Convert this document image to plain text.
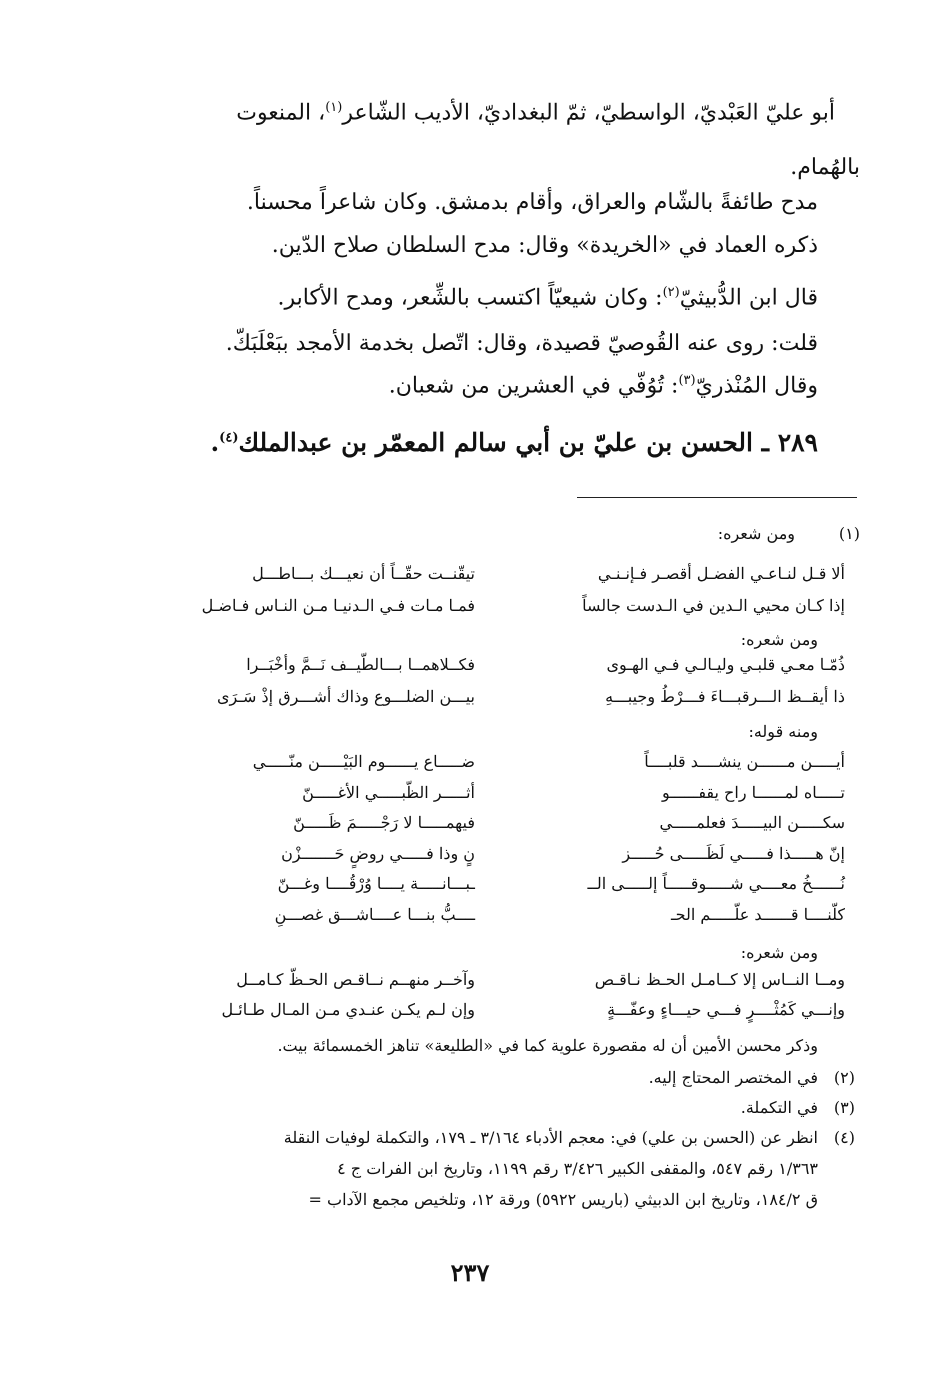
أبو عليّ العَبْديّ، الواسطيّ، ثمّ البغداديّ، الأديب الشّاعر$^{(١)}$، المنعوت
بالهُمام.
مدح طائفةً بالشّام والعراق، وأقام بدمشق. وكان شاعراً محسناً.
ذكره العماد في «الخريدة» وقال: مدح السلطان صلاح الدّين.
قال ابن الدُّبيثيّ$^{(٢)}$: وكان شيعيّاً اكتسب بالشِّعر، ومدح الأكابر.
قلت: روى عنه القُوصيّ قصيدة، وقال: اتّصل بخدمة الأمجد ببَعْلَبَكّ.
وقال المُنْذريّ$^{(٣)}$: تُوُفّي في العشرين من شعبان.
٢٨٩ ـ الحسن بن عليّ بن أبي سالم المعمّر بن عبدالملك$^{(٤)}$.
(١)
ومن شعره:
ألا قـل لنـاعـي الفضـل أقصـر فـإنـنـي
تيقّنــت حقّــاً أن نعيـــك بـــاطـــل
إذا كـان محيي الـدين في الـدست جالساً
فمـا مـات فـي الـدنيـا مـن النـاس فـاضـل
ومن شعره:
ذُمّـا معـي قلبـي وليـالـي فـي الهـوى
فكــلاهمــا بـــالطّيــف نَــمَّ وأخْبَــرا
ذا أيقــظ الـــرقبـــاءَ فـــرْطُ وجيبـــهِ
بيـــن الضلـــوع وذاك أشـــرق إذْ سَـرَى
ومنه قوله:
أيـــــن مــــــن ينشــــد قلبــــاً
ضـــــاع يــــــوم البَيْـــــن منّـــــي
تـــــاه لمــــــا راح يقفــــــو
أثـــــر الظّبـــــي الأغـــــنّ
سكـــــن البيـــــدَ فعلمـــــي
فيهمـــــا لا رَجْـــــمَ ظَـــــنّ
إنّ هـــــذا فـــــي لَظَـــــى حُـــــز
نٍ وذا فـــــي روضٍ حَـــــــزْن
نُــــــخُ معــــي شـــــوقـــــاً إلـــــى الــ
ـبـــانـــــة يــــا وُرْقُــــا وغـــنّ
كلّنــــا قــــــد علّـــــم الحـ
ــــبُّ بنـــا عــــاشـــق غصـــنِ
ومن شعره:
ومــا النــاس إلا كــامـل الحـظ نـاقـص
وآخــر منهــم نــاقـص الحـظّ كـامــل
وإنـــي كَمُثْــــرٍ فـــي حيـــاءٍ وعفّـــةٍ
وإن لـم يكـن عنـدي مـن المـال طـائـل
وذكر محسن الأمين أن له مقصورة علوية كما في «الطليعة» تناهز الخمسمائة بيت.
(٢)
في المختصر المحتاج إليه.
(٣)
في التكملة.
(٤)
انظر عن (الحسن بن علي) في: معجم الأدباء ٣/١٦٤ ـ ١٧٩، والتكملة لوفيات النقلة
١/٣٦٣ رقم ٥٤٧، والمقفى الكبير ٣/٤٢٦ رقم ١١٩٩، وتاريخ ابن الفرات ج ٤
ق ١٨٤/٢، وتاريخ ابن الدبيثي (باريس ٥٩٢٢) ورقة ١٢، وتلخيص مجمع الآداب =
٢٣٧
